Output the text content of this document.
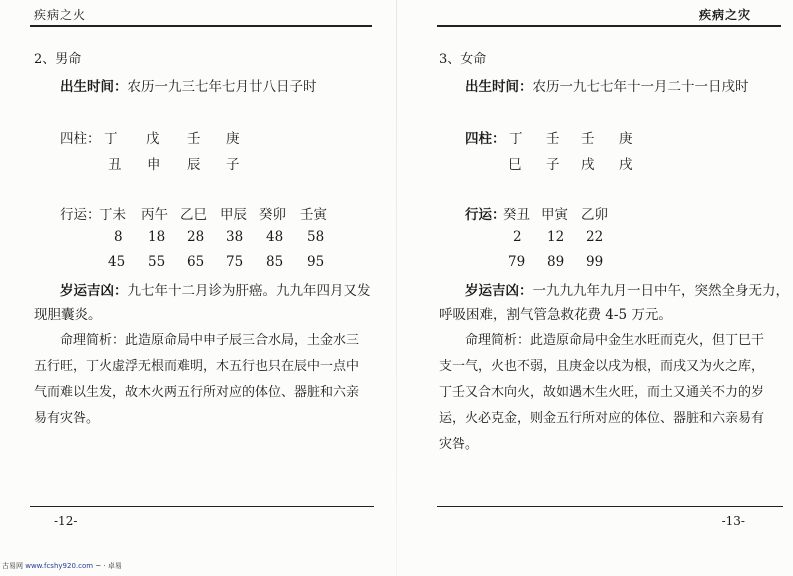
疾病之火
2、男命
出生时间：农历一九三七年七月廿八日子时
四柱： 丁 戊 壬 庚
丑 申 辰 子
行运：
丁未 丙午 乙巳 甲辰 癸卯 壬寅
8 18 28 38 48 58
45 55 65 75 85 95
岁运吉凶：九七年十二月诊为肝癌。九九年四月又发
现胆囊炎。
命理简析：此造原命局中申子辰三合水局，土金水三
五行旺，丁火虚浮无根而难明，木五行也只在辰中一点中
气而难以生发，故木火两五行所对应的体位、器脏和六亲
易有灾咎。
-12-
疾病之灾
3、女命
出生时间：农历一九七七年十一月二十一日戌时
四柱： 丁 壬 壬 庚
巳 子 戌 戌
行运：
癸丑 甲寅 乙卯
2 12 22
79 89 99
岁运吉凶：一九九九年九月一日中午，突然全身无力，
呼吸困难，割气管急救花费 4-5 万元。
命理简析：此造原命局中金生水旺而克火，但丁巳干
支一气，火也不弱，且庚金以戌为根，而戌又为火之库，
丁壬又合木向火，故如遇木生火旺，而土又通关不力的岁
运，火必克金，则金五行所对应的体位、器脏和六亲易有
灾咎。
-13-
古易网 www.fcshy920.com ~ · 卓易
